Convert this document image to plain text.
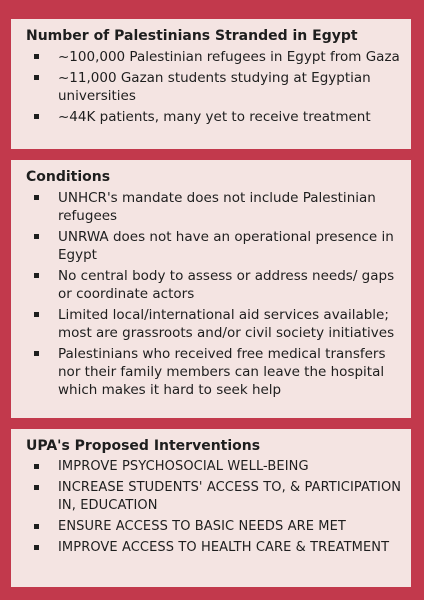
Number of Palestinians Stranded in Egypt
~100,000 Palestinian refugees in Egypt from Gaza
~11,000 Gazan students studying at Egyptian universities
~44K patients, many yet to receive treatment
Conditions
UNHCR's mandate does not include Palestinian refugees
UNRWA does not have an operational presence in Egypt
No central body to assess or address needs/ gaps or coordinate actors
Limited local/international aid services available; most are grassroots and/or civil society initiatives
Palestinians who received free medical transfers nor their family members can leave the hospital which makes it hard to seek help
UPA's Proposed Interventions
IMPROVE PSYCHOSOCIAL WELL-BEING
INCREASE STUDENTS' ACCESS TO, & PARTICIPATION IN, EDUCATION
ENSURE ACCESS TO BASIC NEEDS ARE MET
IMPROVE ACCESS TO HEALTH CARE & TREATMENT
